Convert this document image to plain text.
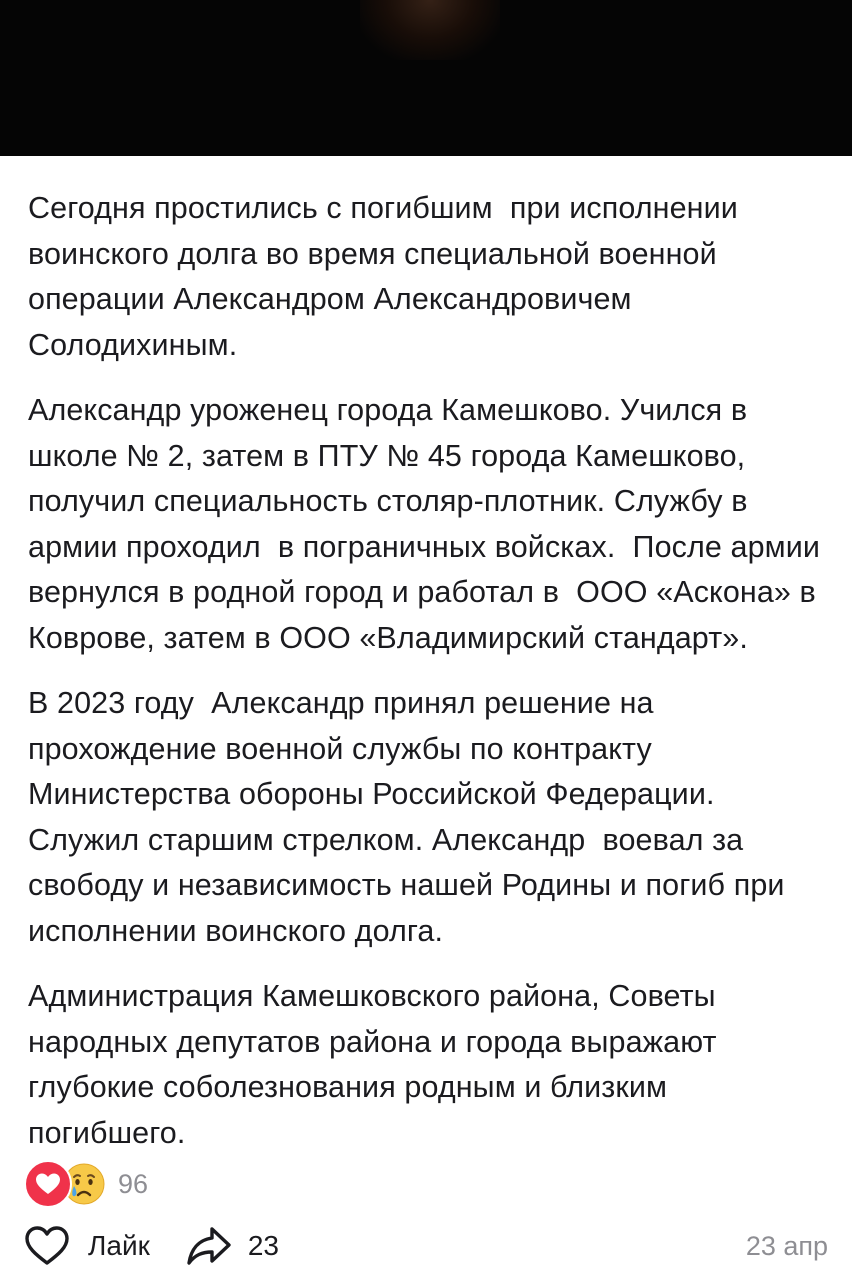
Сегодня простились с погибшим  при исполнении воинского долга во время специальной военной операции Александром Александровичем Солодихиным.

Александр уроженец города Камешково. Учился в школе № 2, затем в ПТУ № 45 города Камешково, получил специальность столяр-плотник. Службу в армии проходил  в пограничных войсках.  После армии вернулся в родной город и работал в  ООО «Аскона» в Коврове, затем в ООО «Владимирский стандарт».

В 2023 году  Александр принял решение на прохождение военной службы по контракту Министерства обороны Российской Федерации. Служил старшим стрелком. Александр  воевал за свободу и независимость нашей Родины и погиб при исполнении воинского долга.

Администрация Камешковского района, Советы народных депутатов района и города выражают глубокие соболезнования родным и близким погибшего.

96
Лайк	23	23 апр
